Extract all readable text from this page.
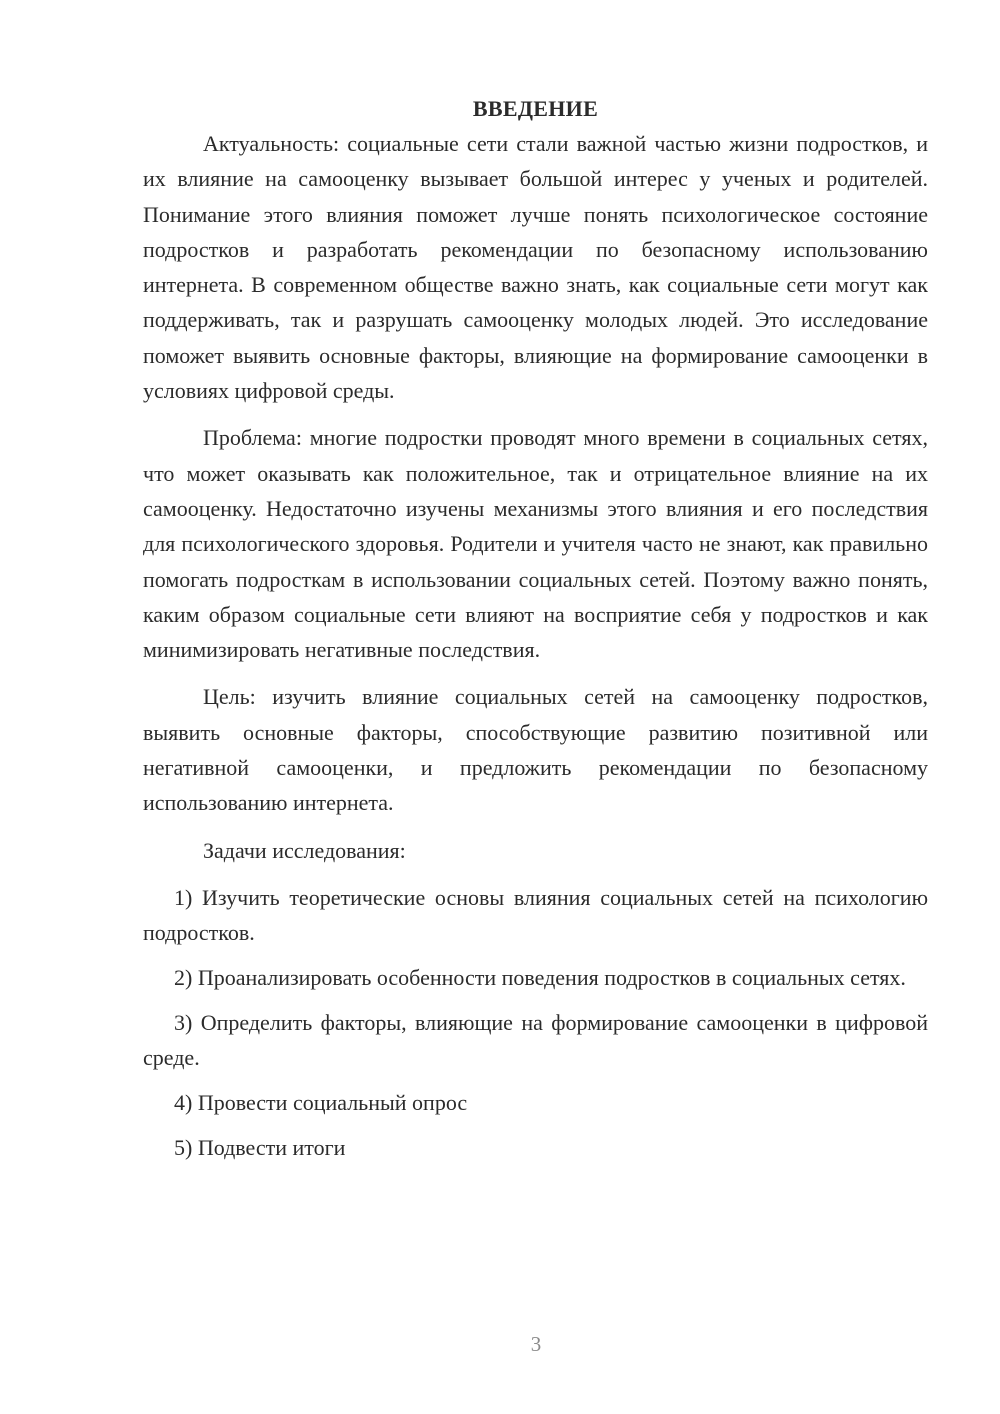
ВВЕДЕНИЕ

Актуальность: социальные сети стали важной частью жизни подростков, и их влияние на самооценку вызывает большой интерес у ученых и родителей. Понимание этого влияния поможет лучше понять психологическое состояние подростков и разработать рекомендации по безопасному использованию интернета. В современном обществе важно знать, как социальные сети могут как поддерживать, так и разрушать самооценку молодых людей. Это исследование поможет выявить основные факторы, влияющие на формирование самооценки в условиях цифровой среды.

Проблема: многие подростки проводят много времени в социальных сетях, что может оказывать как положительное, так и отрицательное влияние на их самооценку. Недостаточно изучены механизмы этого влияния и его последствия для психологического здоровья. Родители и учителя часто не знают, как правильно помогать подросткам в использовании социальных сетей. Поэтому важно понять, каким образом социальные сети влияют на восприятие себя у подростков и как минимизировать негативные последствия.

Цель: изучить влияние социальных сетей на самооценку подростков, выявить основные факторы, способствующие развитию позитивной или негативной самооценки, и предложить рекомендации по безопасному использованию интернета.

Задачи исследования:

1) Изучить теоретические основы влияния социальных сетей на психологию подростков.

2) Проанализировать особенности поведения подростков в социальных сетях.

3) Определить факторы, влияющие на формирование самооценки в цифровой среде.

4) Провести социальный опрос

5) Подвести итоги

3
